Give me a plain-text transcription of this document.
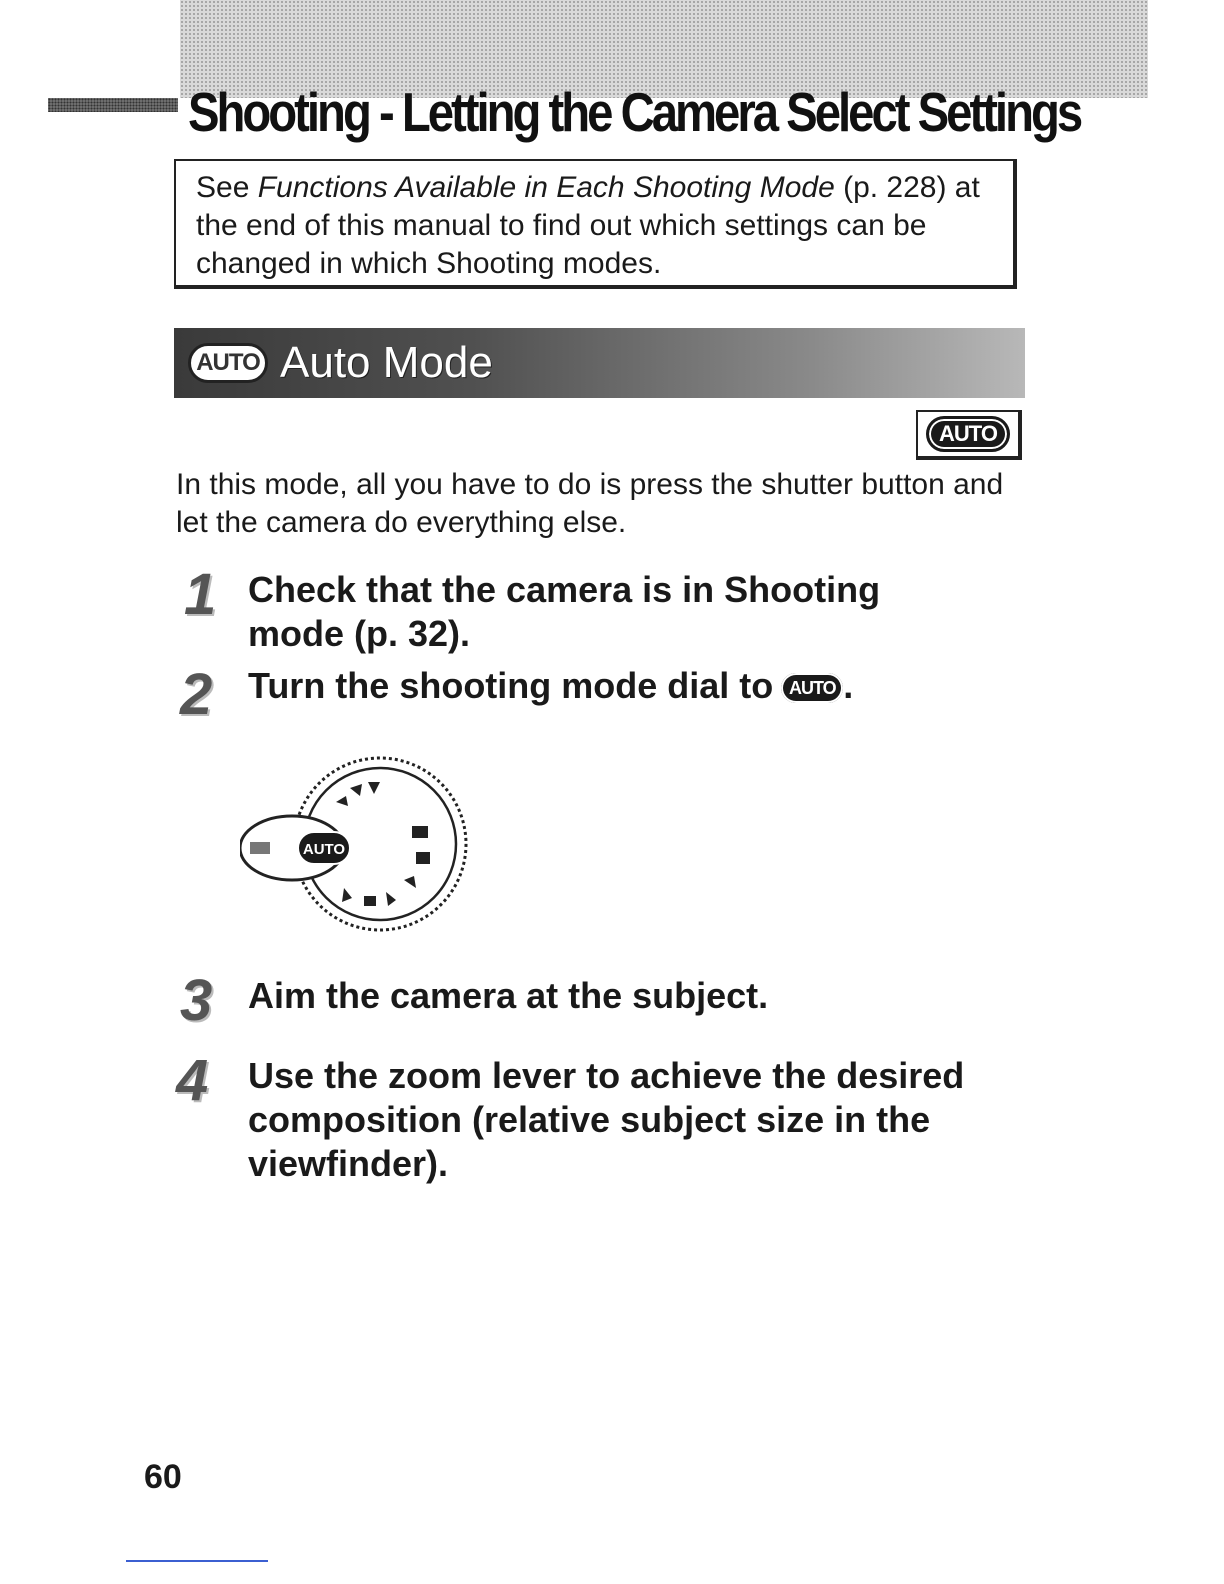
Shooting - Letting the Camera Select Settings
See Functions Available in Each Shooting Mode (p. 228) at the end of this manual to find out which settings can be changed in which Shooting modes.
AUTO Auto Mode
AUTO

In this mode, all you have to do is press the shutter button and let the camera do everything else.

1 Check that the camera is in Shooting
mode (p. 32).

2 Turn the shooting mode dial to AUTO .

AUTO
3 Aim the camera at the subject.

4 Use the zoom lever to achieve the desired
composition (relative subject size in the
viewfinder).

60
